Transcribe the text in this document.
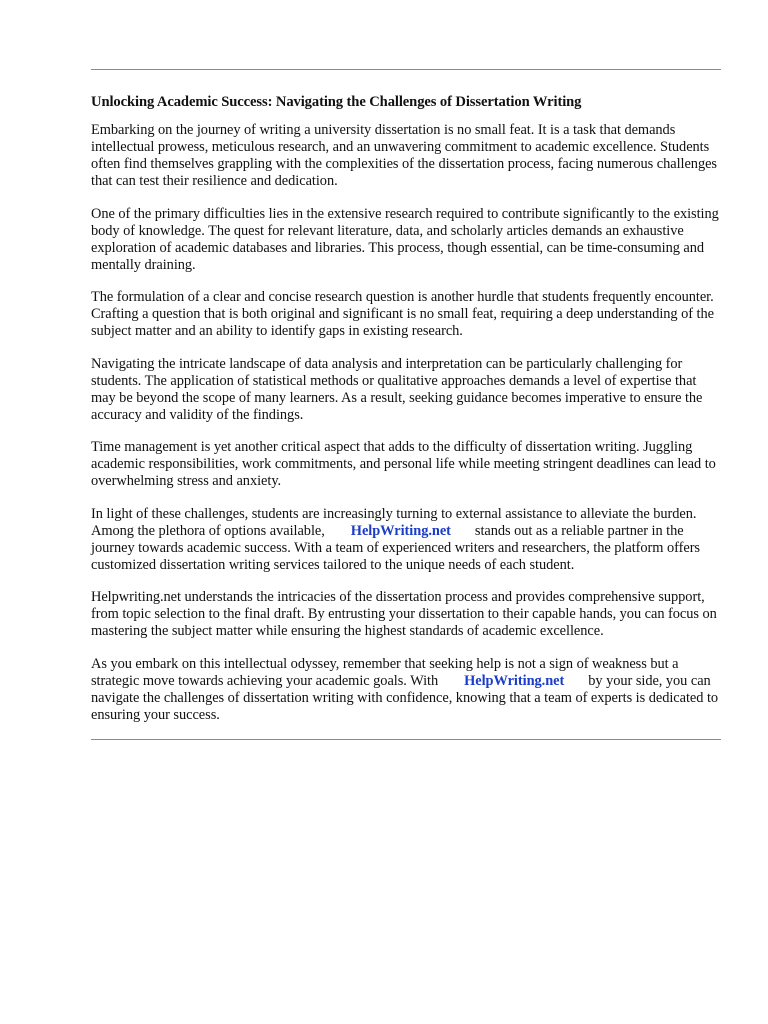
Unlocking Academic Success: Navigating the Challenges of Dissertation Writing

Embarking on the journey of writing a university dissertation is no small feat. It is a task that demands intellectual prowess, meticulous research, and an unwavering commitment to academic excellence. Students often find themselves grappling with the complexities of the dissertation process, facing numerous challenges that can test their resilience and dedication.

One of the primary difficulties lies in the extensive research required to contribute significantly to the existing body of knowledge. The quest for relevant literature, data, and scholarly articles demands an exhaustive exploration of academic databases and libraries. This process, though essential, can be time-consuming and mentally draining.

The formulation of a clear and concise research question is another hurdle that students frequently encounter. Crafting a question that is both original and significant is no small feat, requiring a deep understanding of the subject matter and an ability to identify gaps in existing research.

Navigating the intricate landscape of data analysis and interpretation can be particularly challenging for students. The application of statistical methods or qualitative approaches demands a level of expertise that may be beyond the scope of many learners. As a result, seeking guidance becomes imperative to ensure the accuracy and validity of the findings.

Time management is yet another critical aspect that adds to the difficulty of dissertation writing. Juggling academic responsibilities, work commitments, and personal life while meeting stringent deadlines can lead to overwhelming stress and anxiety.

In light of these challenges, students are increasingly turning to external assistance to alleviate the burden. Among the plethora of options available, HelpWriting.net stands out as a reliable partner in the journey towards academic success. With a team of experienced writers and researchers, the platform offers customized dissertation writing services tailored to the unique needs of each student.

Helpwriting.net understands the intricacies of the dissertation process and provides comprehensive support, from topic selection to the final draft. By entrusting your dissertation to their capable hands, you can focus on mastering the subject matter while ensuring the highest standards of academic excellence.

As you embark on this intellectual odyssey, remember that seeking help is not a sign of weakness but a strategic move towards achieving your academic goals. With HelpWriting.net by your side, you can navigate the challenges of dissertation writing with confidence, knowing that a team of experts is dedicated to ensuring your success.
